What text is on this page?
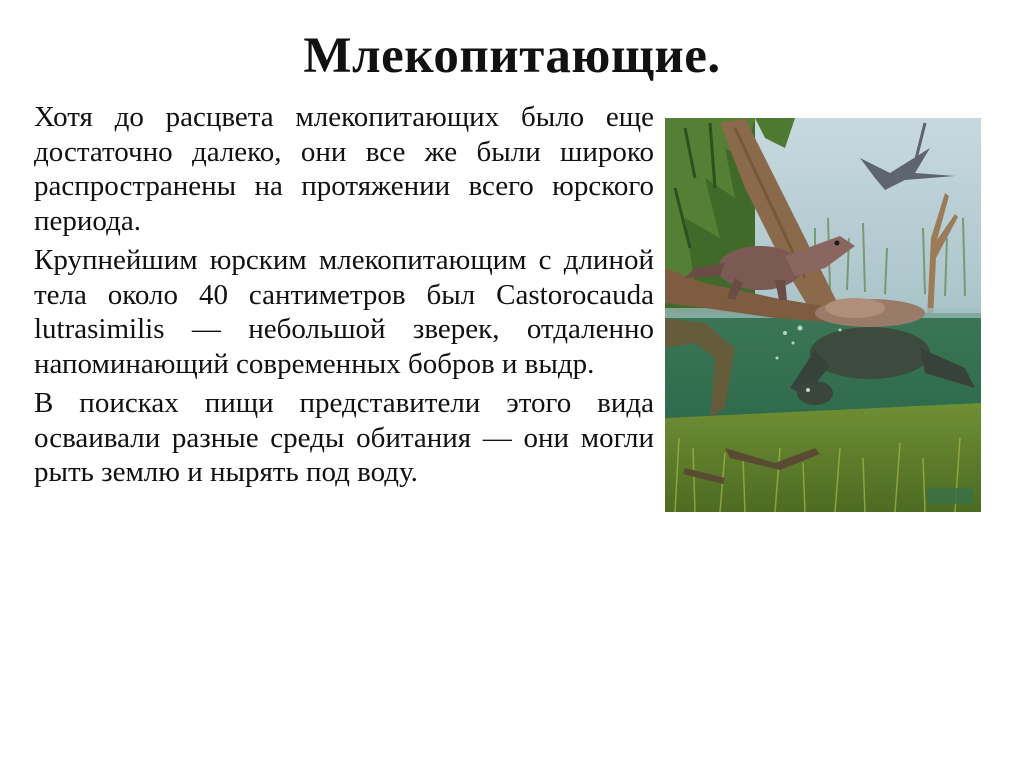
Млекопитающие.

Хотя до расцвета млекопитающих было еще достаточно далеко, они все же были широко распространены на протяжении всего юрского периода.

Крупнейшим юрским млекопитающим с длиной тела около 40 сантиметров был Castorocauda lutrasimilis — небольшой зверек, отдаленно напоминающий современных бобров и выдр.

В поисках пищи представители этого вида осваивали разные среды обитания — они могли рыть землю и нырять под воду.
